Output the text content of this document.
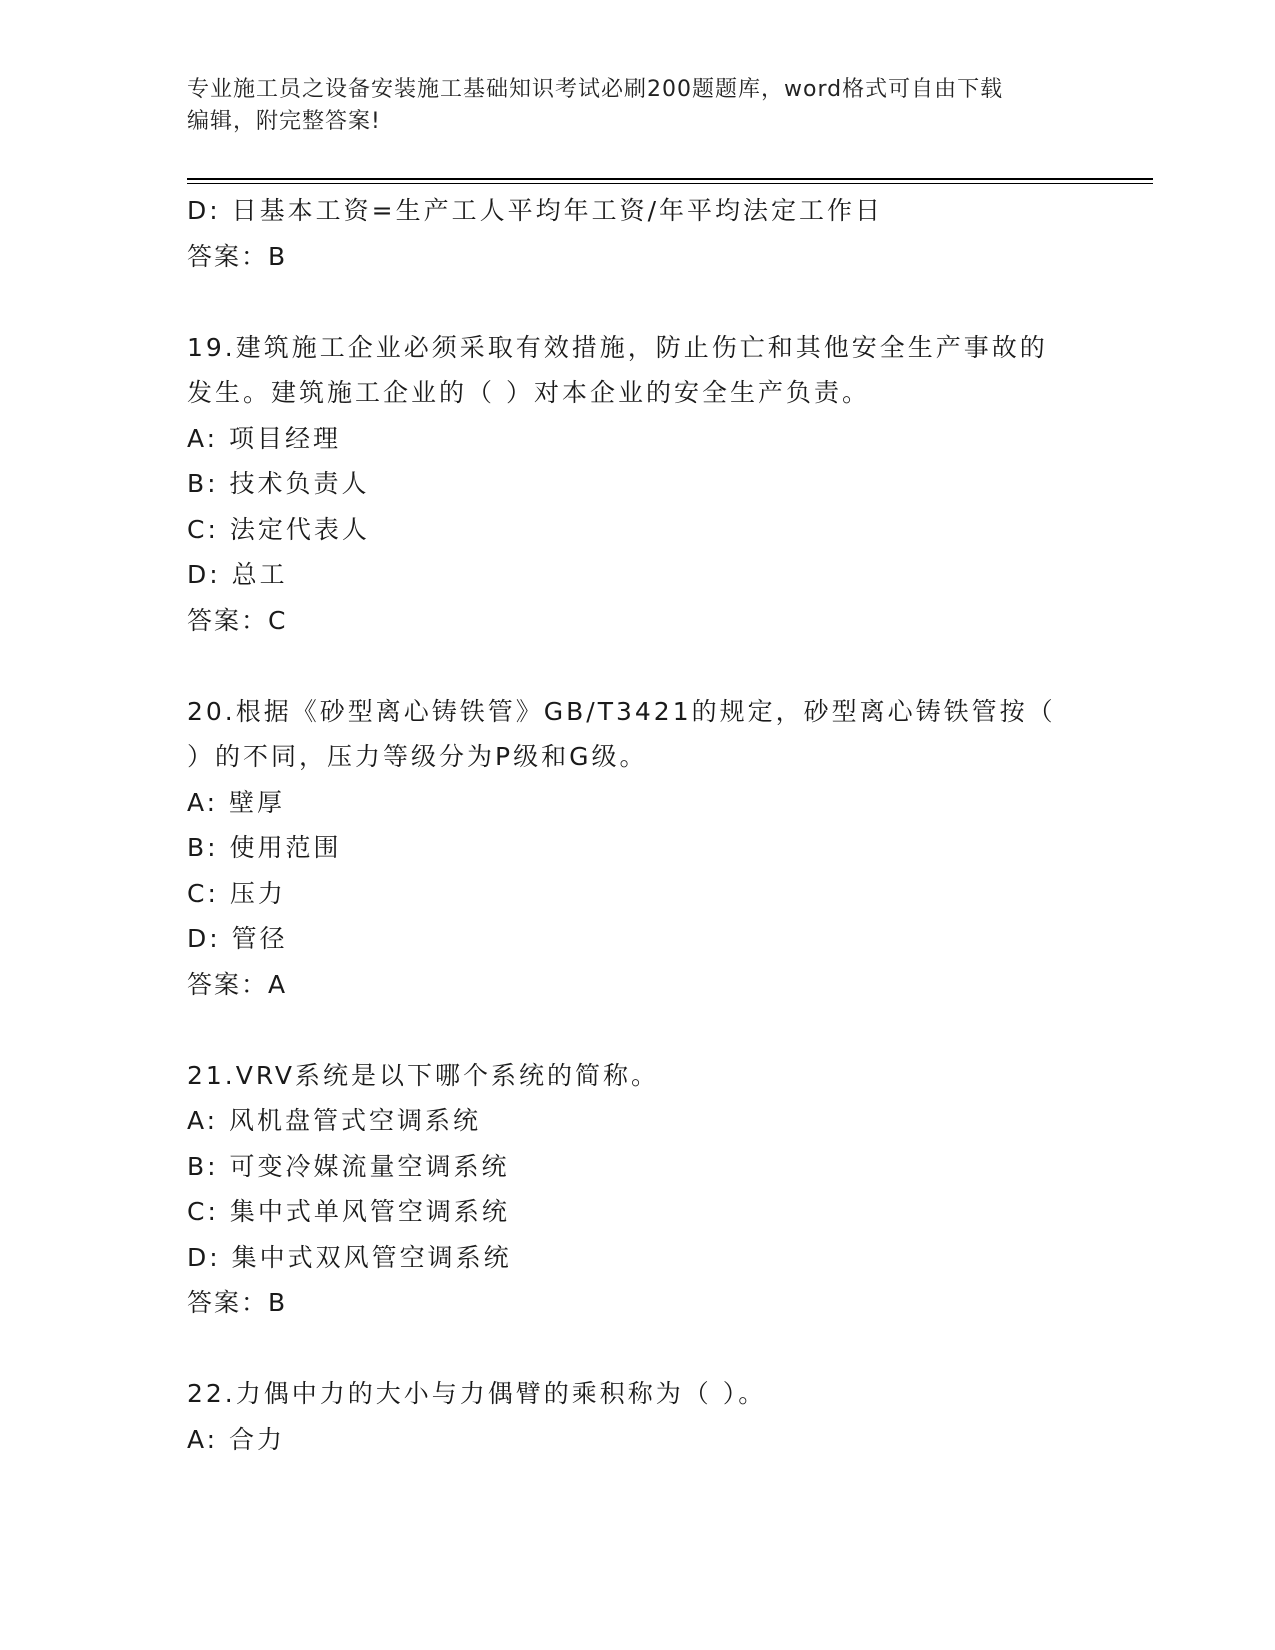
专业施工员之设备安装施工基础知识考试必刷200题题库，word格式可自由下载
编辑，附完整答案!
D: 日基本工资=生产工人平均年工资/年平均法定工作日
答案：B
19.建筑施工企业必须采取有效措施，防止伤亡和其他安全生产事故的
发生。建筑施工企业的（ ）对本企业的安全生产负责。
A: 项目经理
B: 技术负责人
C: 法定代表人
D: 总工
答案：C
20.根据《砂型离心铸铁管》GB/T3421的规定，砂型离心铸铁管按（
）的不同，压力等级分为P级和G级。
A: 壁厚
B: 使用范围
C: 压力
D: 管径
答案：A
21.VRV系统是以下哪个系统的简称。
A: 风机盘管式空调系统
B: 可变冷媒流量空调系统
C: 集中式单风管空调系统
D: 集中式双风管空调系统
答案：B
22.力偶中力的大小与力偶臂的乘积称为（ ）。
A: 合力
